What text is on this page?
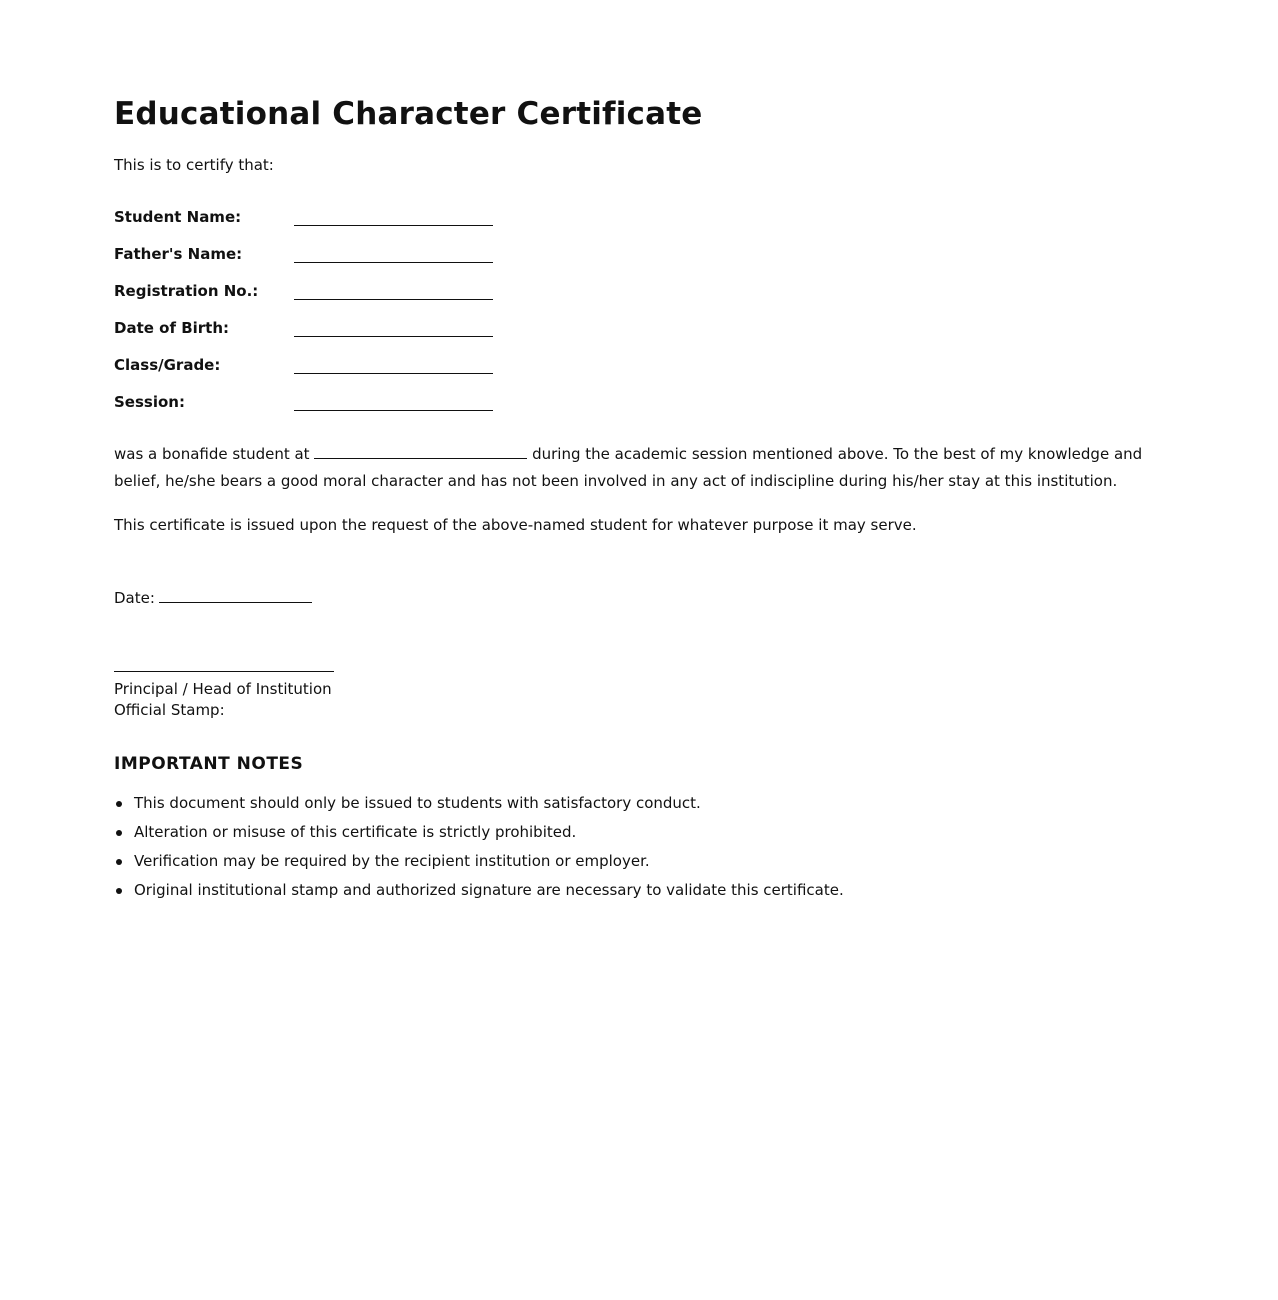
Educational Character Certificate
This is to certify that:
Student Name:
Father's Name:
Registration No.:
Date of Birth:
Class/Grade:
Session:

was a bonafide student at	during the academic session mentioned above. To the best of my knowledge and belief, he/she bears a good moral character and has not been involved in any act of indiscipline during his/her stay at this institution.

This certificate is issued upon the request of the above-named student for whatever purpose it may serve.

Date:
Principal / Head of Institution
Official Stamp:
IMPORTANT NOTES
This document should only be issued to students with satisfactory conduct.
Alteration or misuse of this certificate is strictly prohibited.
Verification may be required by the recipient institution or employer.
Original institutional stamp and authorized signature are necessary to validate this certificate.
